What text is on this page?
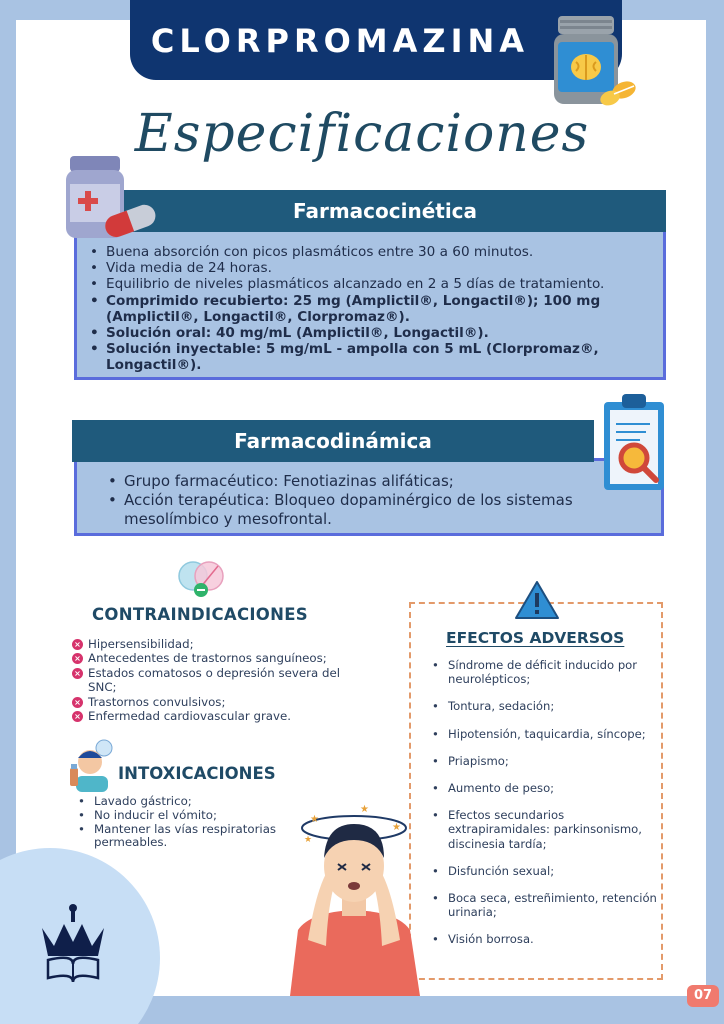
CLORPROMAZINA
Especificaciones
Farmacocinética
• Buena absorción con picos plasmáticos entre 30 a 60 minutos.
• Vida media de 24 horas.
• Equilibrio de niveles plasmáticos alcanzado en 2 a 5 días de tratamiento.
• Comprimido recubierto: 25 mg (Amplictil®, Longactil®); 100 mg (Amplictil®, Longactil®, Clorpromaz®).
• Solución oral: 40 mg/mL (Amplictil®, Longactil®).
• Solución inyectable: 5 mg/mL - ampolla con 5 mL (Clorpromaz®, Longactil®).
Farmacodinámica
• Grupo farmacéutico: Fenotiazinas alifáticas;
• Acción terapéutica: Bloqueo dopaminérgico de los sistemas mesolímbico y mesofrontal.
CONTRAINDICACIONES
× Hipersensibilidad;
× Antecedentes de trastornos sanguíneos;
× Estados comatosos o depresión severa del SNC;
× Trastornos convulsivos;
× Enfermedad cardiovascular grave.
INTOXICACIONES
• Lavado gástrico;
• No inducir el vómito;
• Mantener las vías respiratorias permeables.
EFECTOS ADVERSOS
• Síndrome de déficit inducido por neurolépticos;
• Tontura, sedación;
• Hipotensión, taquicardia, síncope;
• Priapismo;
• Aumento de peso;
• Efectos secundarios extrapiramidales: parkinsonismo, discinesia tardía;
• Disfunción sexual;
• Boca seca, estreñimiento, retención urinaria;
• Visión borrosa.
★
★
★
★
07
